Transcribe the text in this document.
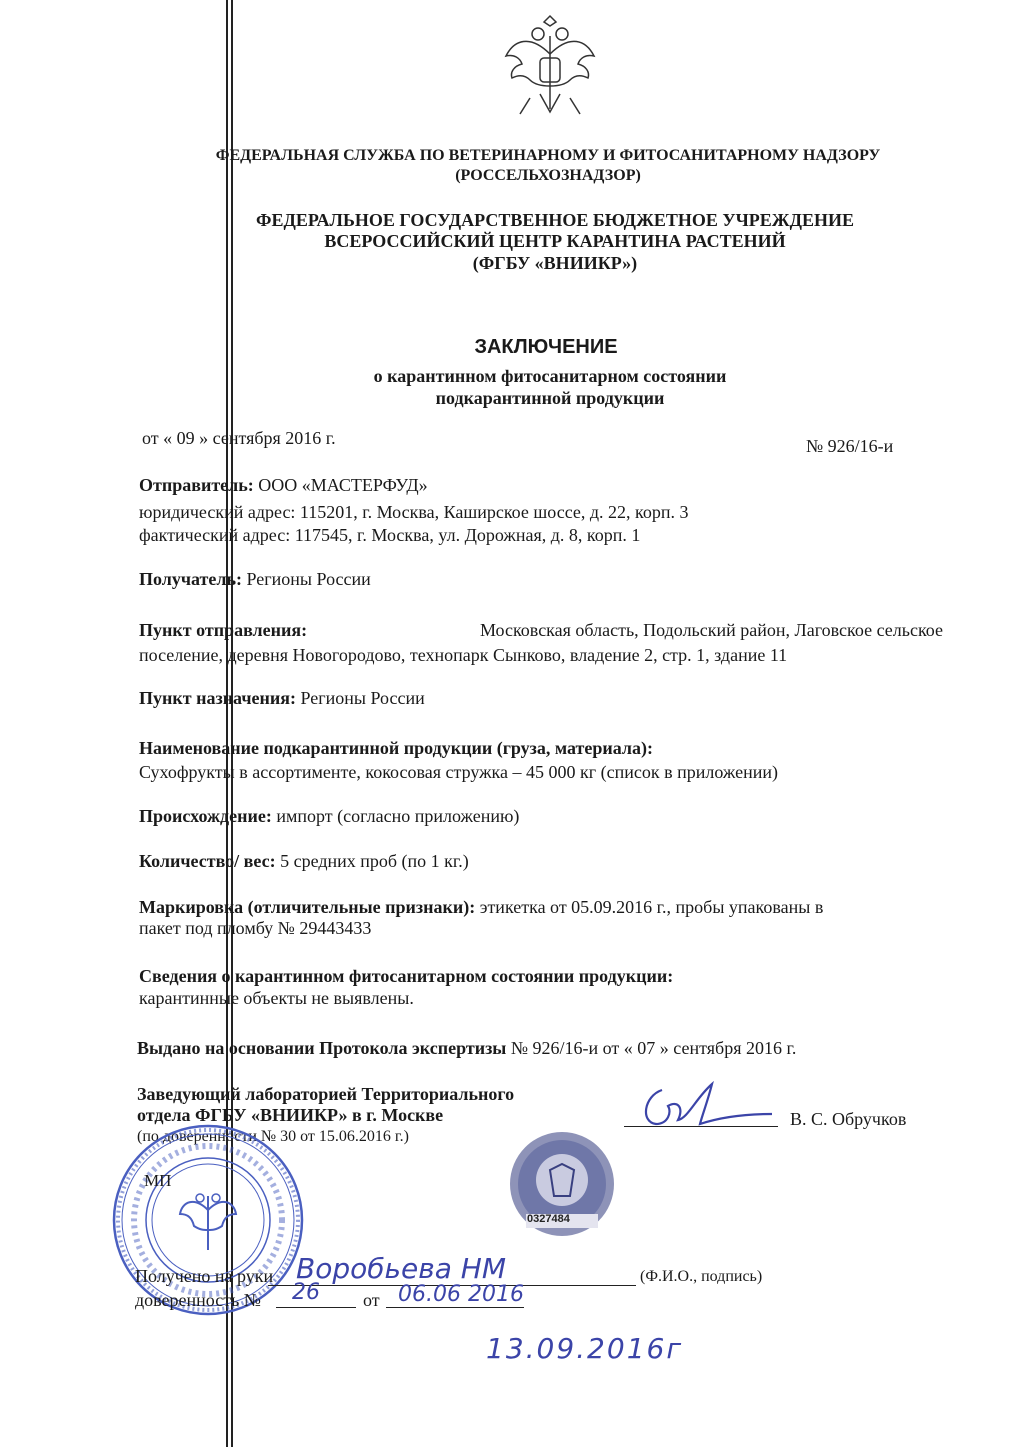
ФЕДЕРАЛЬНАЯ СЛУЖБА ПО ВЕТЕРИНАРНОМУ И ФИТОСАНИТАРНОМУ НАДЗОРУ
(РОССЕЛЬХОЗНАДЗОР)
ФЕДЕРАЛЬНОЕ ГОСУДАРСТВЕННОЕ БЮДЖЕТНОЕ УЧРЕЖДЕНИЕ
ВСЕРОССИЙСКИЙ ЦЕНТР КАРАНТИНА РАСТЕНИЙ
(ФГБУ «ВНИИКР»)
ЗАКЛЮЧЕНИЕ
о карантинном фитосанитарном состоянии
подкарантинной продукции
от « 09 » сентября 2016 г.	№ 926/16-и
Отправитель: ООО «МАСТЕРФУД»
юридический адрес: 115201, г. Москва, Каширское шоссе, д. 22, корп. 3
фактический адрес: 117545, г. Москва, ул. Дорожная, д. 8, корп. 1
Получатель: Регионы России
Пункт отправления:	Московская область, Подольский район, Лаговское сельское
поселение, деревня Новогородово, технопарк Сынково, владение 2, стр. 1, здание 11
Пункт назначения: Регионы России
Наименование подкарантинной продукции (груза, материала):
Сухофрукты в ассортименте, кокосовая стружка – 45 000 кг (список в приложении)
Происхождение: импорт (согласно приложению)
Количество/ вес: 5 средних проб (по 1 кг.)
Маркировка (отличительные признаки): этикетка от 05.09.2016 г., пробы упакованы в
пакет под пломбу № 29443433
Сведения о карантинном фитосанитарном состоянии продукции:
карантинные объекты не выявлены.
Выдано на основании Протокола экспертизы № 926/16-и от « 07 » сентября 2016 г.
Заведующий лабораторией Территориального
отдела ФГБУ «ВНИИКР» в г. Москве
(по доверенности № 30 от 15.06.2016 г.)
В. С. Обручков
МП
0327484
Получено на руки Воробьева НМ	(Ф.И.О., подпись)
доверенность № 26 от 06.06 2016
13.09.2016г
